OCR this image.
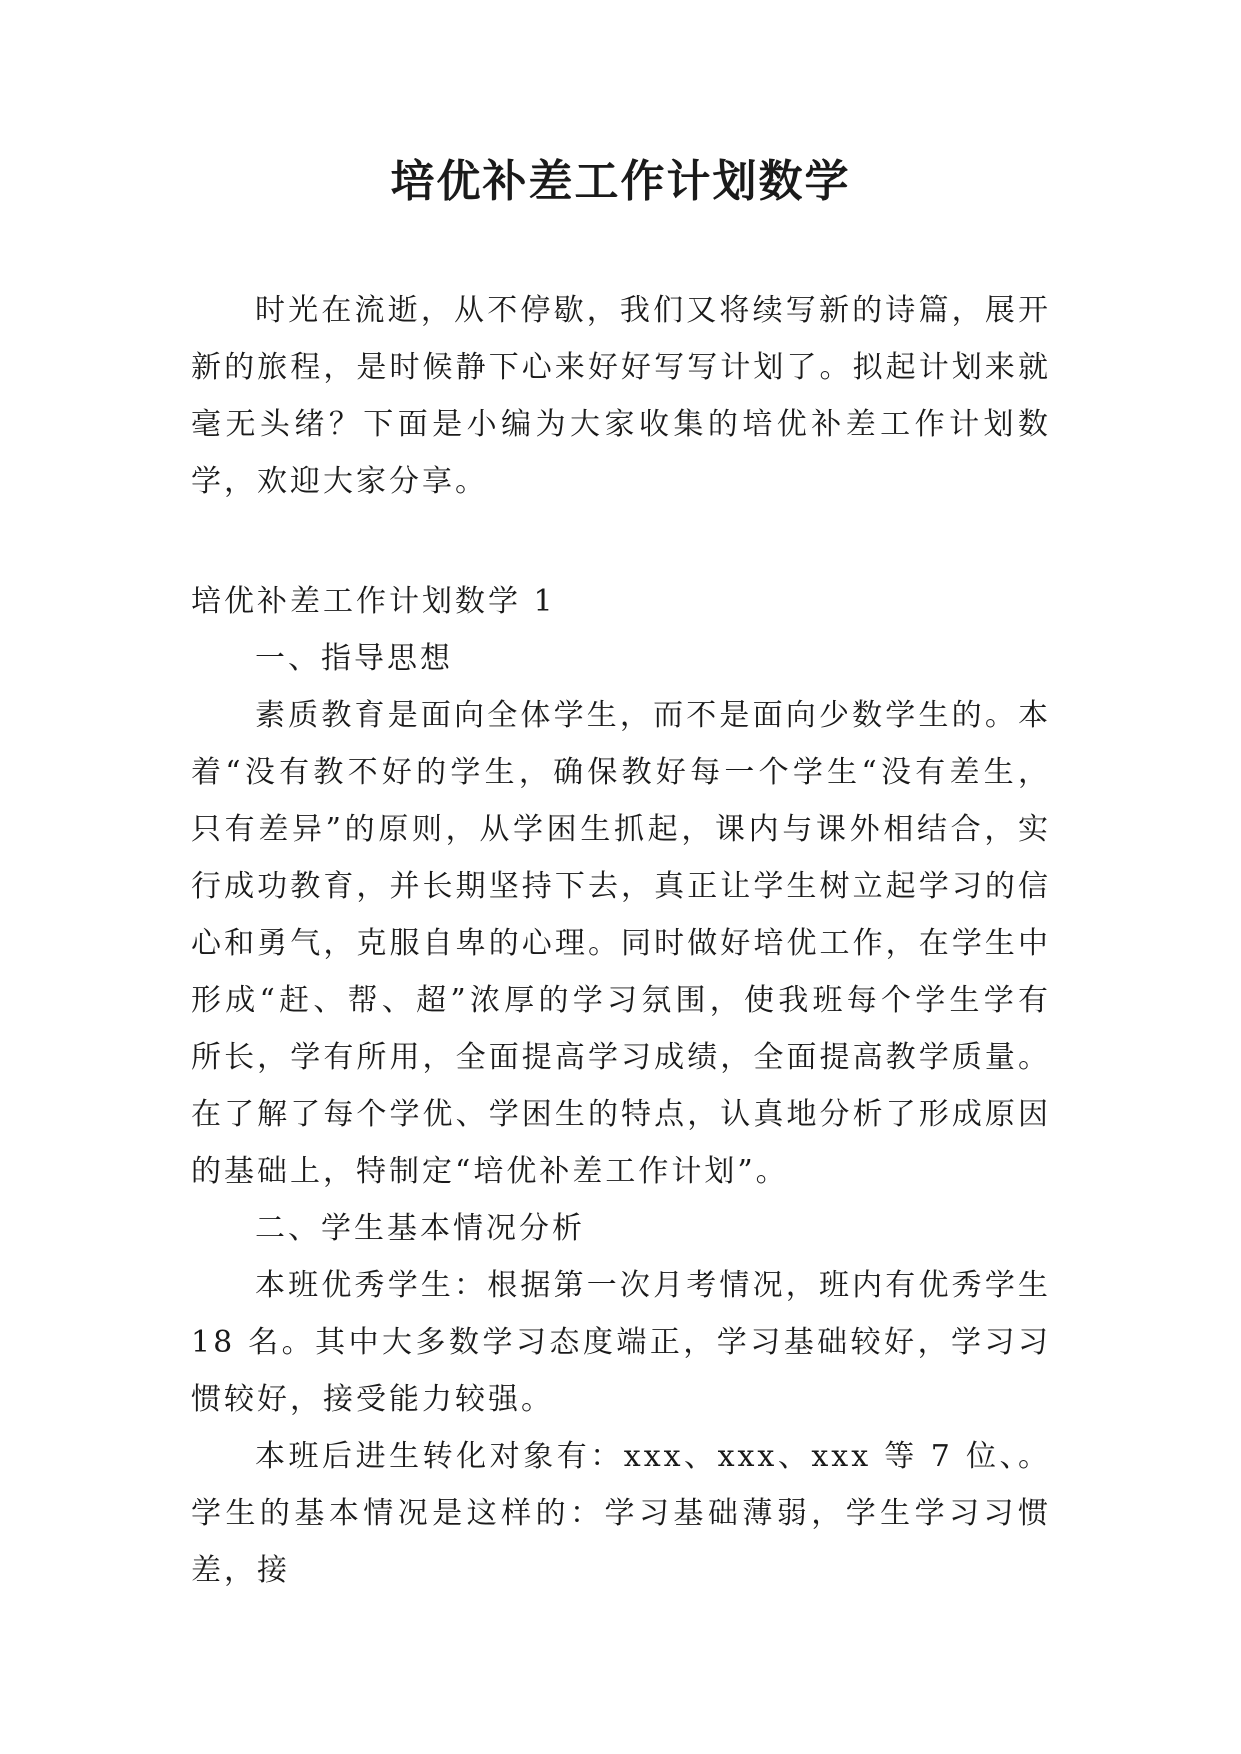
培优补差工作计划数学

时光在流逝，从不停歇，我们又将续写新的诗篇，展开新的旅程，是时候静下心来好好写写计划了。拟起计划来就毫无头绪？下面是小编为大家收集的培优补差工作计划数学，欢迎大家分享。

培优补差工作计划数学 1

一、指导思想

素质教育是面向全体学生，而不是面向少数学生的。本着“没有教不好的学生，确保教好每一个学生“没有差生，只有差异”的原则，从学困生抓起，课内与课外相结合，实行成功教育，并长期坚持下去，真正让学生树立起学习的信心和勇气，克服自卑的心理。同时做好培优工作，在学生中形成“赶、帮、超”浓厚的学习氛围，使我班每个学生学有所长，学有所用，全面提高学习成绩，全面提高教学质量。在了解了每个学优、学困生的特点，认真地分析了形成原因的基础上，特制定“培优补差工作计划”。

二、学生基本情况分析

本班优秀学生：根据第一次月考情况，班内有优秀学生 18 名。其中大多数学习态度端正，学习基础较好，学习习惯较好，接受能力较强。

本班后进生转化对象有：xxx、xxx、xxx 等 7 位、。学生的基本情况是这样的：学习基础薄弱，学生学习习惯差，接
